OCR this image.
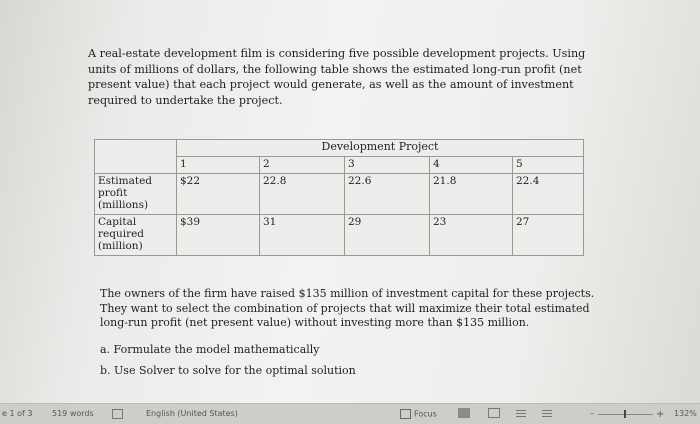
A real-estate development film is considering five possible development projects. Using units of millions of dollars, the following table shows the estimated long-run profit (net present value) that each project would generate, as well as the amount of investment required to undertake the project.
	Development Project				
	1	2	3	4	5
Estimated profit (millions)	$22	22.8	22.6	21.8	22.4
Capital required (million)	$39	31	29	23	27
The owners of the firm have raised $135 million of investment capital for these projects. They want to select the combination of projects that will maximize their total estimated long-run profit (net present value) without investing more than $135 million.
a. Formulate the model mathematically
b. Use Solver to solve for the optimal solution
e 1 of 3 519 words	English (United States)	Focus	–	+ 132%
